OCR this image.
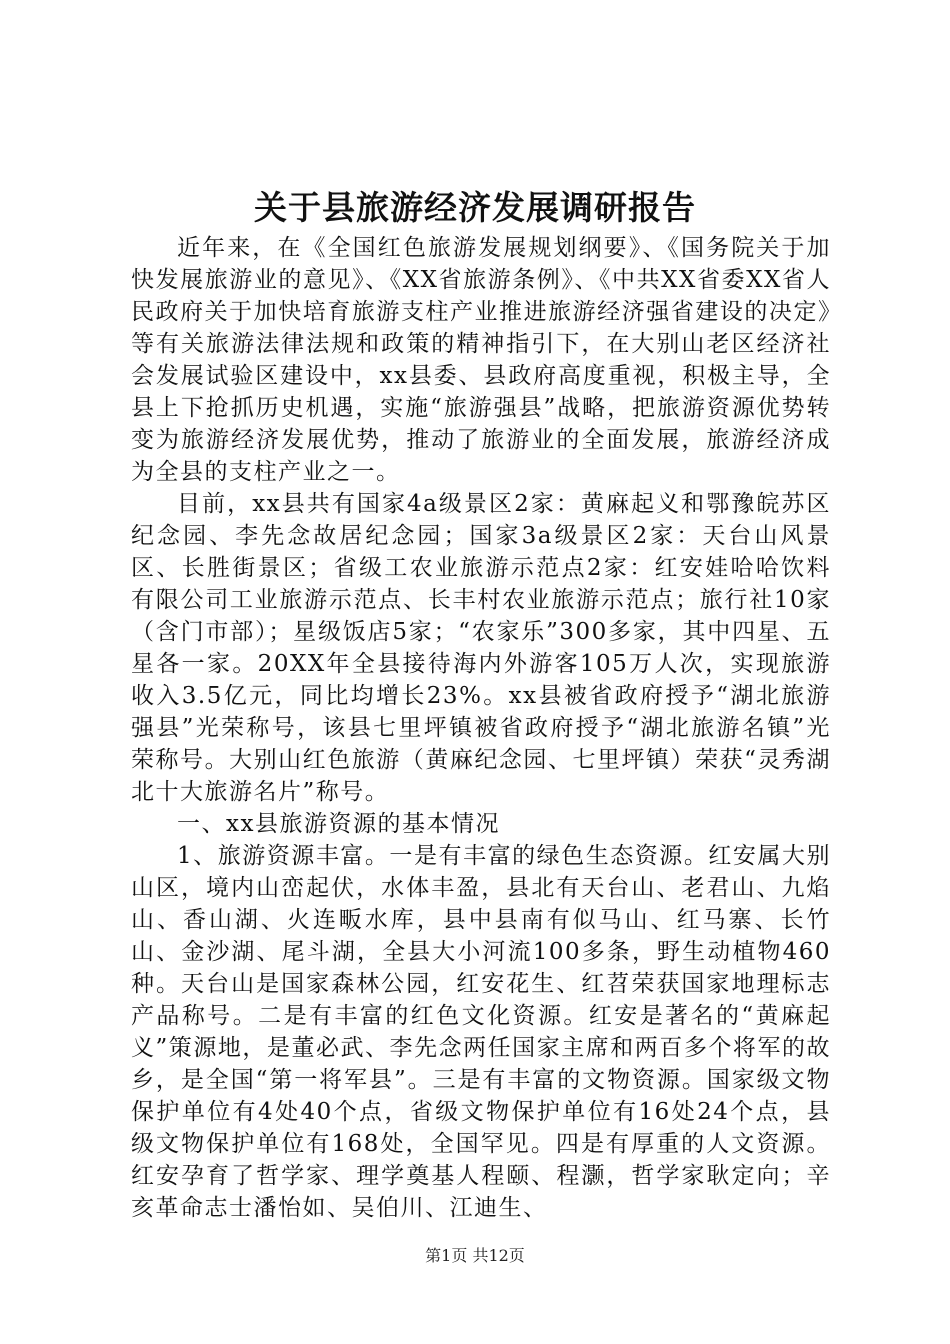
关于县旅游经济发展调研报告

近年来，在《全国红色旅游发展规划纲要》、《国务院关于加快发展旅游业的意见》、《XX省旅游条例》、《中共XX省委XX省人民政府关于加快培育旅游支柱产业推进旅游经济强省建设的决定》等有关旅游法律法规和政策的精神指引下，在大别山老区经济社会发展试验区建设中，xx县委、县政府高度重视，积极主导，全县上下抢抓历史机遇，实施“旅游强县”战略，把旅游资源优势转变为旅游经济发展优势，推动了旅游业的全面发展，旅游经济成为全县的支柱产业之一。

目前，xx县共有国家4a级景区2家：黄麻起义和鄂豫皖苏区纪念园、李先念故居纪念园；国家3a级景区2家：天台山风景区、长胜街景区；省级工农业旅游示范点2家：红安娃哈哈饮料有限公司工业旅游示范点、长丰村农业旅游示范点；旅行社10家（含门市部）；星级饭店5家；“农家乐”300多家，其中四星、五星各一家。20XX年全县接待海内外游客105万人次，实现旅游收入3.5亿元，同比均增长23%。xx县被省政府授予“湖北旅游强县”光荣称号，该县七里坪镇被省政府授予“湖北旅游名镇”光荣称号。大别山红色旅游（黄麻纪念园、七里坪镇）荣获“灵秀湖北十大旅游名片”称号。

一、xx县旅游资源的基本情况

1、旅游资源丰富。一是有丰富的绿色生态资源。红安属大别山区，境内山峦起伏，水体丰盈，县北有天台山、老君山、九焰山、香山湖、火连畈水库，县中县南有似马山、红马寨、长竹山、金沙湖、尾斗湖，全县大小河流100多条，野生动植物460种。天台山是国家森林公园，红安花生、红苕荣获国家地理标志产品称号。二是有丰富的红色文化资源。红安是著名的“黄麻起义”策源地，是董必武、李先念两任国家主席和两百多个将军的故乡，是全国“第一将军县”。三是有丰富的文物资源。国家级文物保护单位有4处40个点，省级文物保护单位有16处24个点，县级文物保护单位有168处，全国罕见。四是有厚重的人文资源。红安孕育了哲学家、理学奠基人程颐、程灏，哲学家耿定向；辛亥革命志士潘怡如、吴伯川、江迪生、

第1页 共12页
